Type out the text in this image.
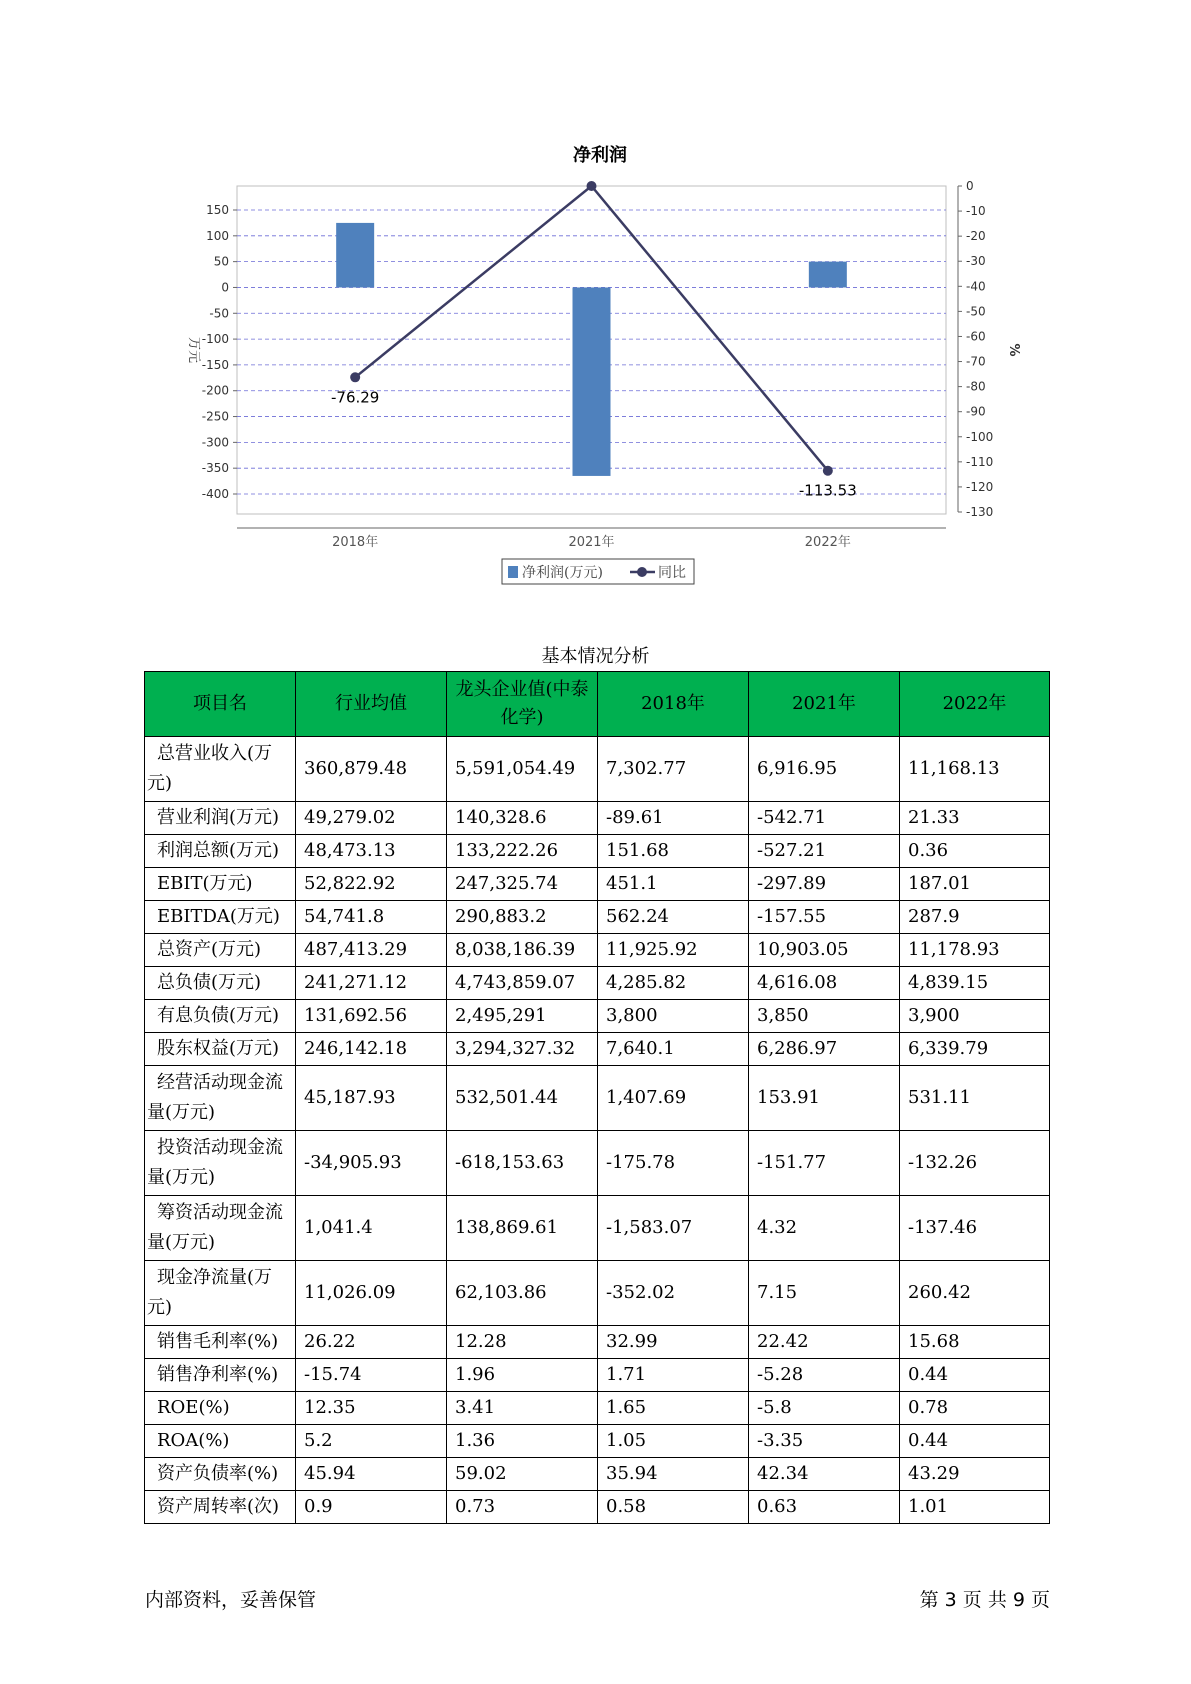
150
100
50
0
-50
-100
-150
-200
-250
-300
-350
-400
0
-10
-20
-30
-40
-50
-60
-70
-80
-90
-100
-110
-120
-130
2018年	2021年	2022年
-76.29
-113.53
净利润
万元	%
净利润(万元)	同比
基本情况分析
项目名	行业均值	龙头企业值(中泰化学)	2018年	2021年	2022年
总营业收入(万元)	360,879.48	5,591,054.49	7,302.77	6,916.95	11,168.13
营业利润(万元)	49,279.02	140,328.6	-89.61	-542.71	21.33
利润总额(万元)	48,473.13	133,222.26	151.68	-527.21	0.36
EBIT(万元)	52,822.92	247,325.74	451.1	-297.89	187.01
EBITDA(万元)	54,741.8	290,883.2	562.24	-157.55	287.9
总资产(万元)	487,413.29	8,038,186.39	11,925.92	10,903.05	11,178.93
总负债(万元)	241,271.12	4,743,859.07	4,285.82	4,616.08	4,839.15
有息负债(万元)	131,692.56	2,495,291	3,800	3,850	3,900
股东权益(万元)	246,142.18	3,294,327.32	7,640.1	6,286.97	6,339.79
经营活动现金流量(万元)	45,187.93	532,501.44	1,407.69	153.91	531.11
投资活动现金流量(万元)	-34,905.93	-618,153.63	-175.78	-151.77	-132.26
筹资活动现金流量(万元)	1,041.4	138,869.61	-1,583.07	4.32	-137.46
现金净流量(万元)	11,026.09	62,103.86	-352.02	7.15	260.42
销售毛利率(%)	26.22	12.28	32.99	22.42	15.68
销售净利率(%)	-15.74	1.96	1.71	-5.28	0.44
ROE(%)	12.35	3.41	1.65	-5.8	0.78
ROA(%)	5.2	1.36	1.05	-3.35	0.44
资产负债率(%)	45.94	59.02	35.94	42.34	43.29
资产周转率(次)	0.9	0.73	0.58	0.63	1.01
内部资料，妥善保管	第 3 页 共 9 页
